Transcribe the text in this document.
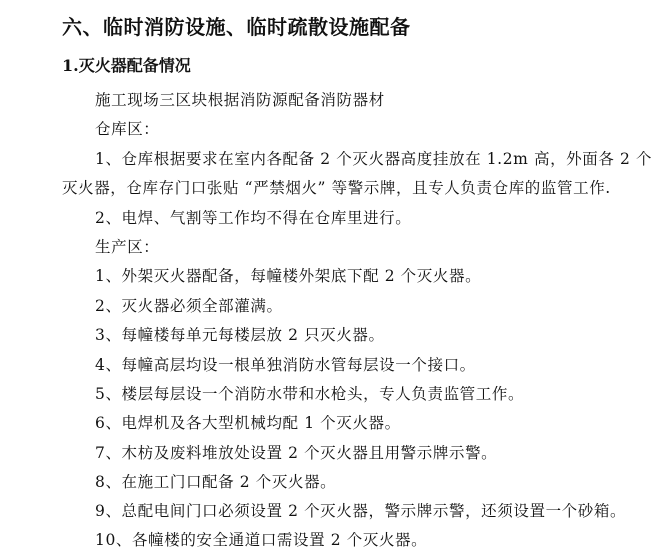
六、临时消防设施、临时疏散设施配备
1.灭火器配备情况
施工现场三区块根据消防源配备消防器材
仓库区：
1、仓库根据要求在室内各配备 2 个灭火器高度挂放在 1.2m 高，外面各 2 个
灭火器，仓库存门口张贴 “严禁烟火” 等警示牌，且专人负责仓库的监管工作.
2、电焊、气割等工作均不得在仓库里进行。
生产区：
1、外架灭火器配备，每幢楼外架底下配 2 个灭火器。
2、灭火器必须全部灌满。
3、每幢楼每单元每楼层放 2 只灭火器。
4、每幢高层均设一根单独消防水管每层设一个接口。
5、楼层每层设一个消防水带和水枪头，专人负责监管工作。
6、电焊机及各大型机械均配 1 个灭火器。
7、木枋及废料堆放处设置 2 个灭火器且用警示牌示警。
8、在施工门口配备 2 个灭火器。
9、总配电间门口必须设置 2 个灭火器，警示牌示警，还须设置一个砂箱。
10、各幢楼的安全通道口需设置 2 个灭火器。
